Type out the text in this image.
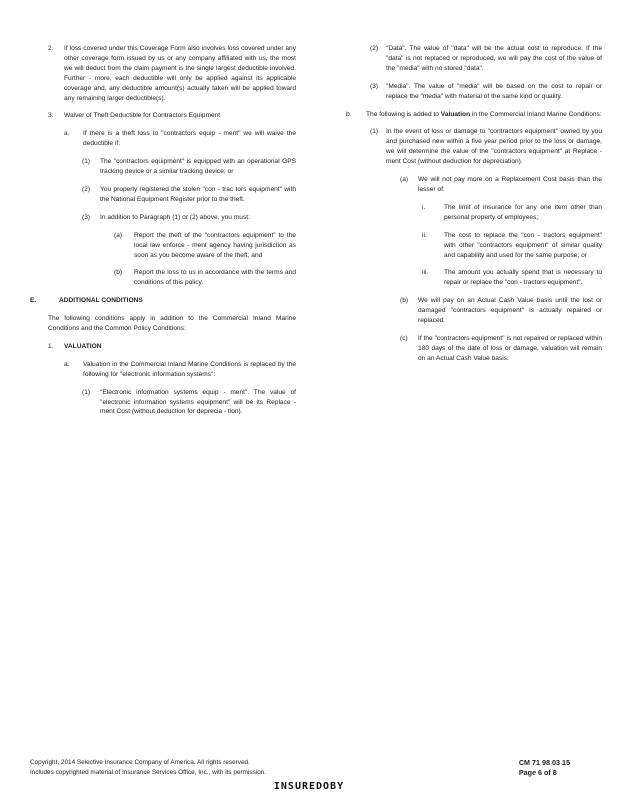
2. If loss covered under this Coverage Form also involves loss covered under any other coverage form issued by us or any company affiliated with us, the most we will deduct from the claim payment is the single largest deductible involved. Further - more, each deductible will only be applied against its applicable coverage and, any deductible amount(s) actually taken will be applied toward any remaining larger deductible(s).
3. Waiver of Theft Deductible for Contractors Equipment
a. If there is a theft loss to "contractors equip - ment" we will waive the deductible if:
(1) The "contractors equipment" is equipped with an operational GPS tracking device or a similar tracking device; or
(2) You properly registered the stolen "con - trac tors equipment" with the National Equipment Register prior to the theft.
(3) In addition to Paragraph (1) or (2) above, you must:
(a) Report the theft of the "contractors equipment" to the local law enforce - ment agency having jurisdiction as soon as you become aware of the theft; and
(b) Report the loss to us in accordance with the terms and conditions of this policy.
E.	ADDITIONAL CONDITIONS
The following conditions apply in addition to the Commercial Inland Marine Conditions and the Common Policy Conditions:
1. VALUATION
a. Valuation in the Commercial Inland Marine Conditions is replaced by the following for "electronic information systems":
(1) "Electronic information systems equip - ment". The value of "electronic information systems equipment" will be its Replace - ment Cost (without deduction for deprecia - tion).
(2) "Data". The value of "data" will be the actual cost to reproduce. If the "data" is not replaced or reproduced, we will pay the cost of the value of the "media" with no stored "data".
(3) "Media". The value of "media" will be based on the cost to repair or replace the "media" with material of the same kind or quality.
b. The following is added to Valuation in the Commercial Inland Marine Conditions:
(1) In the event of loss or damage to "contractors equipment" owned by you and purchased new within a five year period prior to the loss or damage, we will determine the value of the "contractors equipment" at Replace - ment Cost (without deduction for depreciation).
(a) We will not pay more on a Replacement Cost basis than the lesser of:
i.	The limit of insurance for any one item other than personal property of employees;
ii.	The cost to replace the "con - tractors equipment" with other "contractors equipment" of similar quality and capability and used for the same purpose; or
iii. The amount you actually spend that is necessary to repair or replace the "con - tractors equipment".
(b) We will pay on an Actual Cash Value basis until the lost or damaged "contractors equipment" is actually repaired or replaced.
(c) If the "contractors equipment" is not repaired or replaced within 180 days of the date of loss or damage, valuation will remain on an Actual Cash Value basis.
Copyright, 2014 Selective Insurance Company of America. All rights reserved.
Includes copyrighted material of Insurance Services Office, Inc., with its permission.
CM 71 98 03 15
Page 6 of 8
INSUREDOBY
